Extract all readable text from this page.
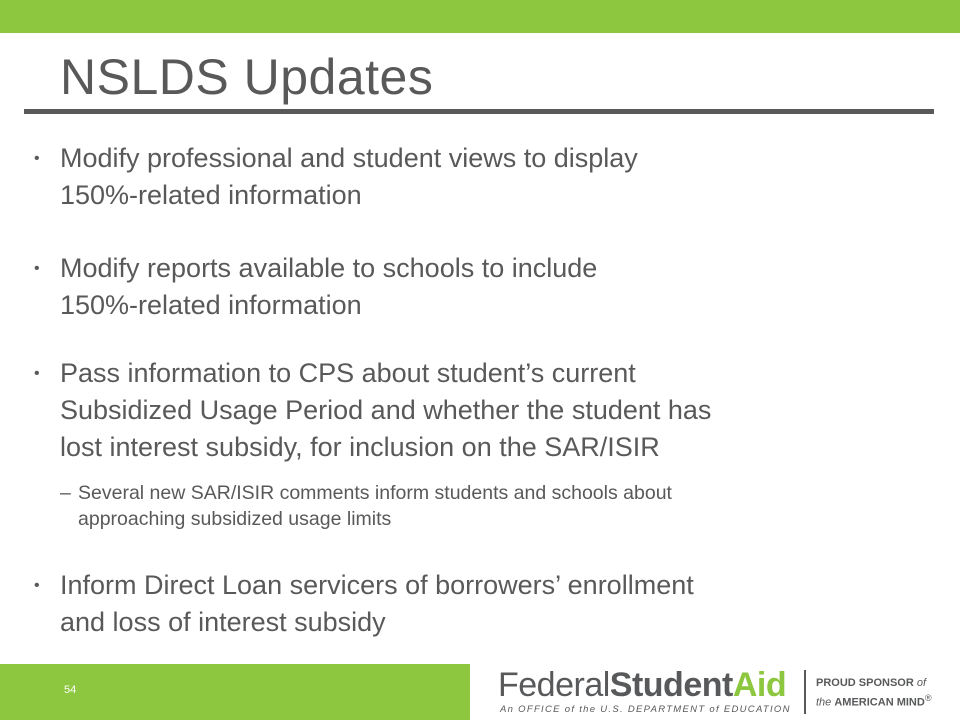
NSLDS Updates
• Modify professional and student views to display
150%-related information
• Modify reports available to schools to include
150%-related information
• Pass information to CPS about student’s current
Subsidized Usage Period and whether the student has
lost interest subsidy, for inclusion on the SAR/ISIR
– Several new SAR/ISIR comments inform students and schools about
approaching subsidized usage limits
• Inform Direct Loan servicers of borrowers’ enrollment
and loss of interest subsidy
54	FederalStudentAid
An OFFICE of the U.S. DEPARTMENT of EDUCATION
PROUD SPONSOR of
the AMERICAN MIND®
